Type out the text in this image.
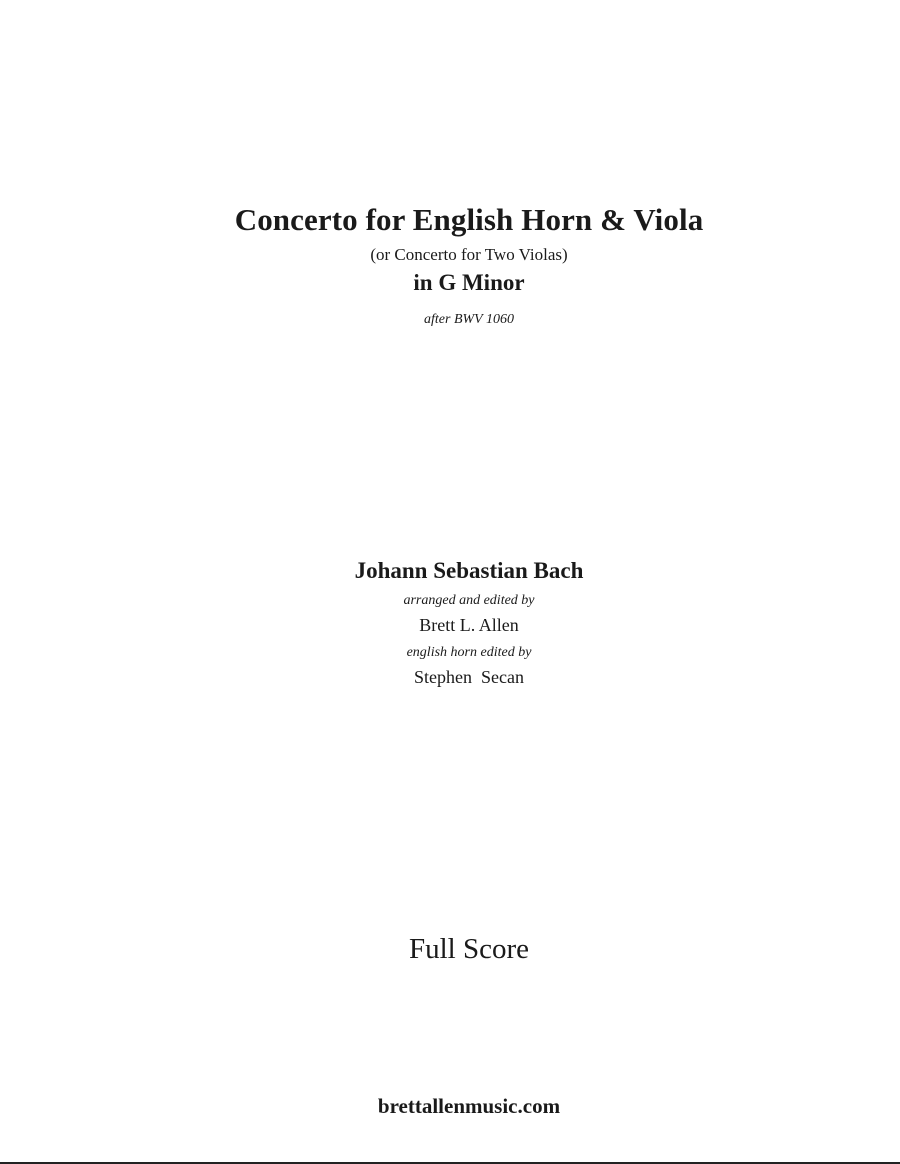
Concerto for English Horn & Viola
(or Concerto for Two Violas)
in G Minor
after BWV 1060
Johann Sebastian Bach
arranged and edited by
Brett L. Allen
english horn edited by
Stephen  Secan
Full Score
brettallenmusic.com
